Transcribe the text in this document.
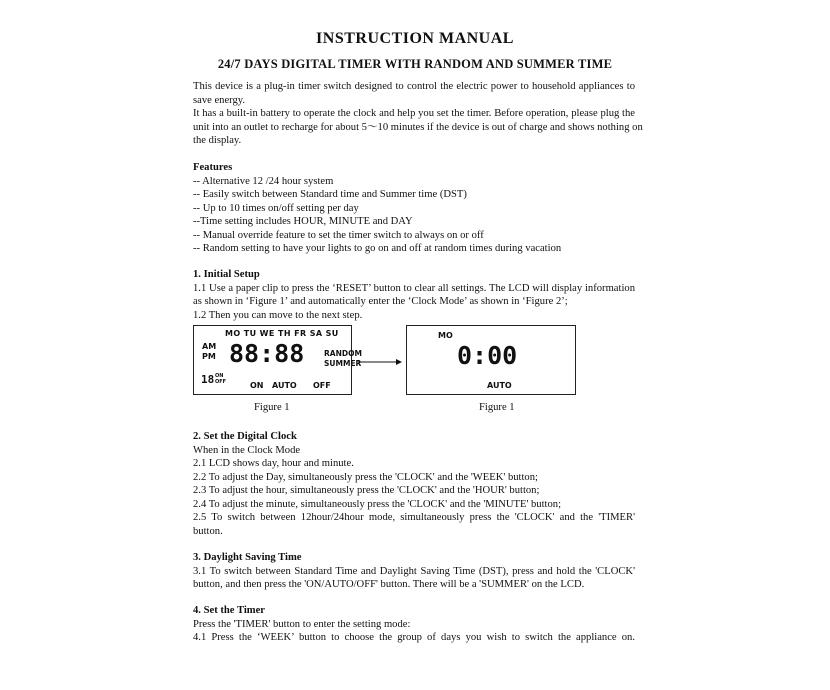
INSTRUCTION MANUAL
24/7 DAYS DIGITAL TIMER WITH RANDOM AND SUMMER TIME
This device is a plug-in timer switch designed to control the electric power to household appliances to
save energy.
It has a built-in battery to operate the clock and help you set the timer. Before operation, please plug the
unit into an outlet to recharge for about 5～10 minutes if the device is out of charge and shows nothing on
the display.
Features
-- Alternative 12 /24 hour system
-- Easily switch between Standard time and Summer time (DST)
-- Up to 10 times on/off setting per day
--Time setting includes HOUR, MINUTE and DAY
-- Manual override feature to set the timer switch to always on or off
-- Random setting to have your lights to go on and off at random times during vacation
1. Initial Setup
1.1 Use a paper clip to press the ‘RESET’ button to clear all settings. The LCD will display information
as shown in ‘Figure 1’ and automatically enter the ‘Clock Mode’ as shown in ‘Figure 2’;
1.2 Then you can move to the next step.
MO TU WE TH FR SA SU
AM
PM 88:88	RANDOM
SUMMER
18 ON
OFF	ON AUTO OFF
MO
0:00
AUTO
Figure 1	Figure 1
2. Set the Digital Clock
When in the Clock Mode
2.1 LCD shows day, hour and minute.
2.2 To adjust the Day, simultaneously press the 'CLOCK' and the 'WEEK' button;
2.3 To adjust the hour, simultaneously press the 'CLOCK' and the 'HOUR' button;
2.4 To adjust the minute, simultaneously press the 'CLOCK' and the 'MINUTE' button;
2.5 To switch between 12hour/24hour mode, simultaneously press the 'CLOCK' and the 'TIMER'
button.
3. Daylight Saving Time
3.1 To switch between Standard Time and Daylight Saving Time (DST), press and hold the 'CLOCK'
button, and then press the 'ON/AUTO/OFF' button. There will be a 'SUMMER' on the LCD.
4. Set the Timer
Press the 'TIMER' button to enter the setting mode:
4.1 Press the ‘WEEK’ button to choose the group of days you wish to switch the appliance on.
